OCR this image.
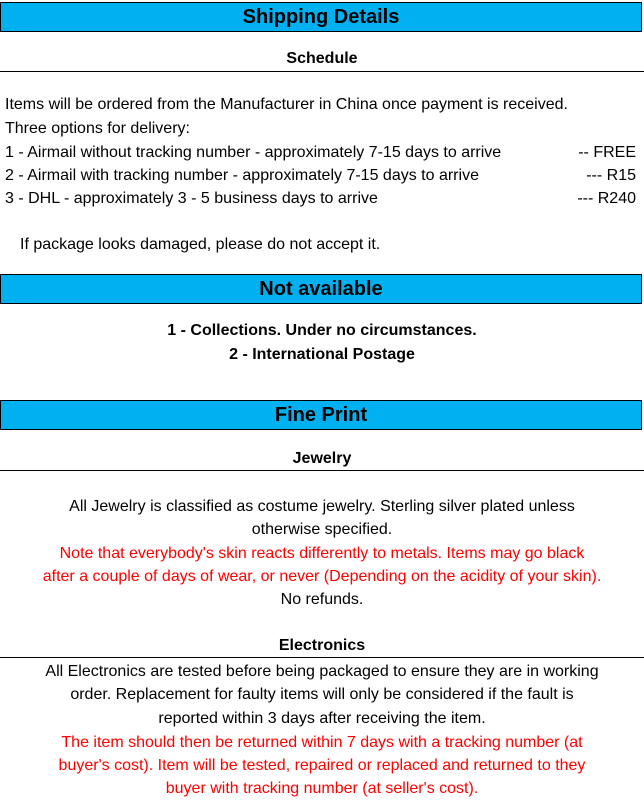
Shipping Details
Schedule
Items will be ordered from the Manufacturer in China once payment is received.
Three options for delivery:
1 - Airmail without tracking number - approximately 7-15 days to arrive	-- FREE
2 - Airmail with tracking number - approximately 7-15 days to arrive	--- R15
3 - DHL - approximately 3 - 5 business days to arrive	--- R240
If package looks damaged, please do not accept it.
Not available
1 - Collections. Under no circumstances.
2 - International Postage
Fine Print
Jewelry
All Jewelry is classified as costume jewelry. Sterling silver plated unless
otherwise specified.
Note that everybody's skin reacts differently to metals. Items may go black
after a couple of days of wear, or never (Depending on the acidity of your skin).
No refunds.
Electronics
All Electronics are tested before being packaged to ensure they are in working
order. Replacement for faulty items will only be considered if the fault is
reported within 3 days after receiving the item.
The item should then be returned within 7 days with a tracking number (at
buyer's cost). Item will be tested, repaired or replaced and returned to they
buyer with tracking number (at seller's cost).
